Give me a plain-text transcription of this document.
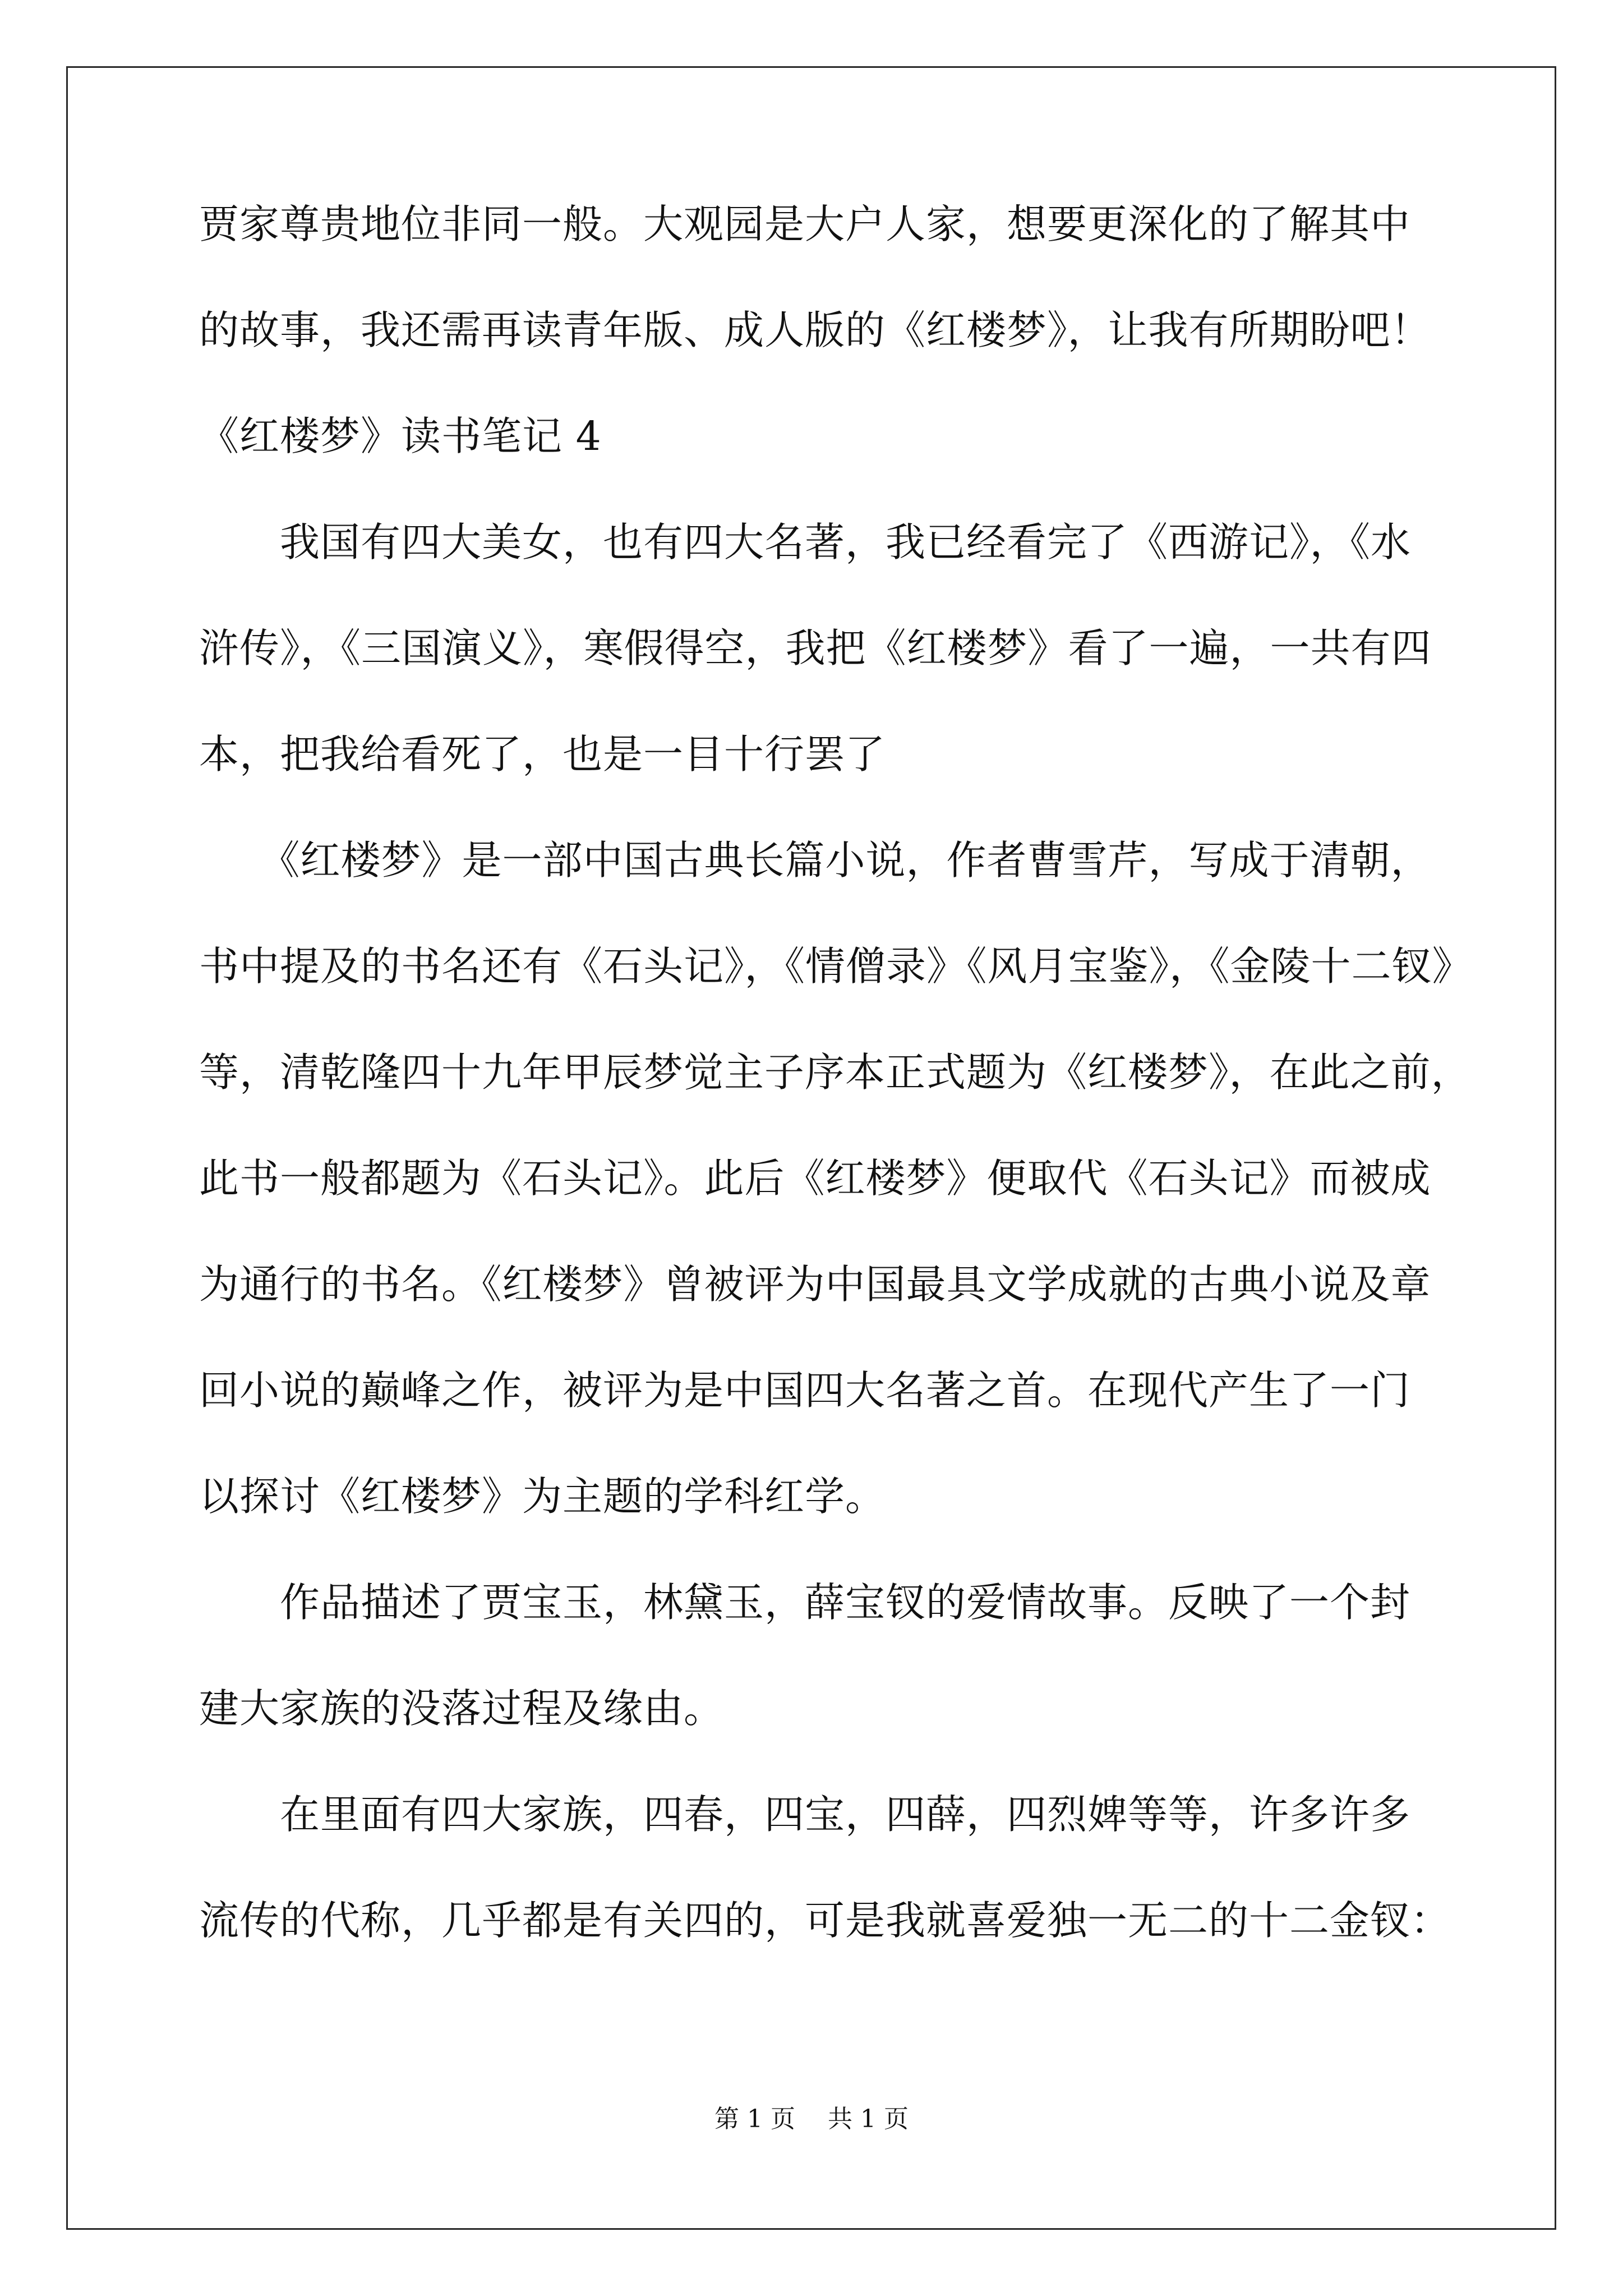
贾家尊贵地位非同一般。大观园是大户人家，想要更深化的了解其中
的故事，我还需再读青年版、成人版的《红楼梦》，让我有所期盼吧！
《红楼梦》读书笔记 4
　　我国有四大美女，也有四大名著，我已经看完了《西游记》，《水
浒传》，《三国演义》，寒假得空，我把《红楼梦》看了一遍，一共有四
本，把我给看死了，也是一目十行罢了
　　《红楼梦》是一部中国古典长篇小说，作者曹雪芹，写成于清朝，
书中提及的书名还有《石头记》，《情僧录》《风月宝鉴》，《金陵十二钗》
等，清乾隆四十九年甲辰梦觉主子序本正式题为《红楼梦》，在此之前，
此书一般都题为《石头记》。此后《红楼梦》便取代《石头记》而被成
为通行的书名。《红楼梦》曾被评为中国最具文学成就的古典小说及章
回小说的巅峰之作，被评为是中国四大名著之首。在现代产生了一门
以探讨《红楼梦》为主题的学科红学。
　　作品描述了贾宝玉，林黛玉，薛宝钗的爱情故事。反映了一个封
建大家族的没落过程及缘由。
　　在里面有四大家族，四春，四宝，四薛，四烈婢等等，许多许多
流传的代称，几乎都是有关四的，可是我就喜爱独一无二的十二金钗：
第 1 页　 共 1 页
